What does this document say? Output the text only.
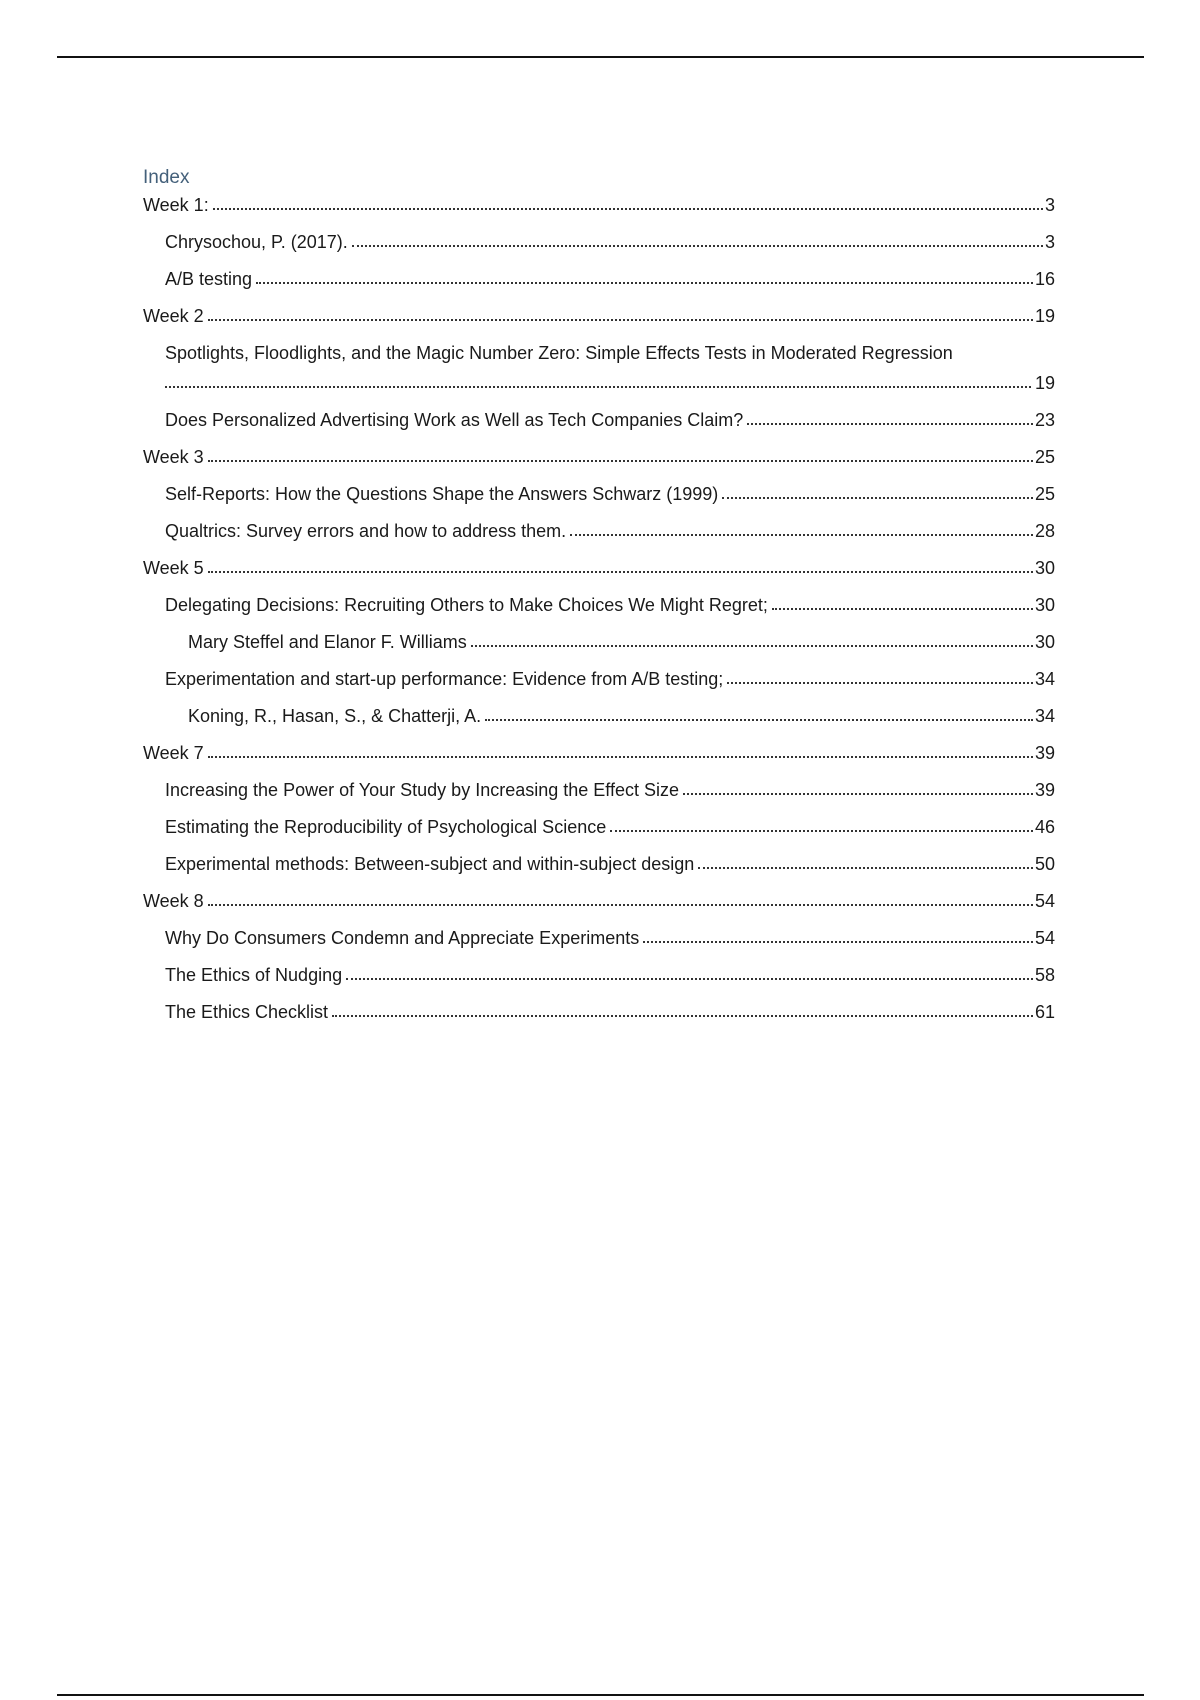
Index
Week 1:	3
Chrysochou, P. (2017).	3
A/B testing	16
Week 2	19
Spotlights, Floodlights, and the Magic Number Zero: Simple Effects Tests in Moderated Regression
19
Does Personalized Advertising Work as Well as Tech Companies Claim?	23
Week 3	25
Self-Reports: How the Questions Shape the Answers Schwarz (1999)	25
Qualtrics: Survey errors and how to address them.	28
Week 5	30
Delegating Decisions: Recruiting Others to Make Choices We Might Regret;	30
Mary Steffel and Elanor F. Williams	30
Experimentation and start-up performance: Evidence from A/B testing;	34
Koning, R., Hasan, S., & Chatterji, A.	34
Week 7	39
Increasing the Power of Your Study by Increasing the Effect Size	39
Estimating the Reproducibility of Psychological Science	46
Experimental methods: Between-subject and within-subject design	50
Week 8	54
Why Do Consumers Condemn and Appreciate Experiments	54
The Ethics of Nudging	58
The Ethics Checklist	61
